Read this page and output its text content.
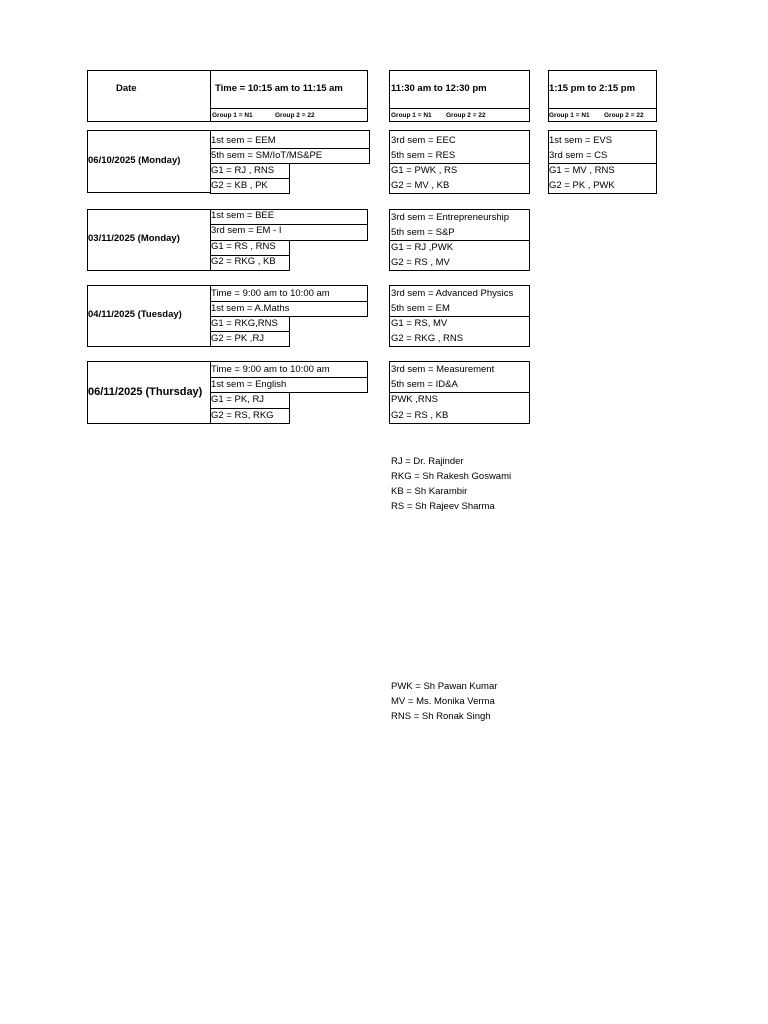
Date	Time = 10:15 am to 11:15 am
Group 1 = N1	Group 2 = 22
11:30 am to 12:30 pm
Group 1 = N1 Group 2 = 22
1:15 pm to 2:15 pm
Group 1 = N1 Group 2 = 22
06/10/2025 (Monday)
1st sem = EEM
5th sem = SM/IoT/MS&PE
G1 = RJ , RNS
G2 = KB , PK
3rd sem = EEC
5th sem = RES
G1 = PWK , RS
G2 = MV , KB
1st sem = EVS
3rd sem = CS
G1 = MV , RNS
G2 = PK , PWK
03/11/2025 (Monday)
1st sem = BEE
3rd sem = EM - I
G1 = RS , RNS
G2 = RKG , KB
3rd sem = Entrepreneurship
5th sem = S&P
G1 = RJ ,PWK
G2 = RS , MV
04/11/2025 (Tuesday)
Time = 9:00 am to 10:00 am
1st sem = A.Maths
G1 = RKG,RNS
G2 = PK ,RJ
3rd sem = Advanced Physics
5th sem = EM
G1 = RS, MV
G2 = RKG , RNS
06/11/2025 (Thursday)
Time = 9:00 am to 10:00 am
1st sem = English
G1 = PK, RJ
G2 = RS, RKG
3rd sem = Measurement
5th sem = ID&A
PWK ,RNS
G2 = RS , KB
RJ = Dr. Rajinder
RKG = Sh Rakesh Goswami
KB = Sh Karambir
RS = Sh Rajeev Sharma
PWK = Sh Pawan Kumar
MV = Ms. Monika Verma
RNS = Sh Ronak Singh
